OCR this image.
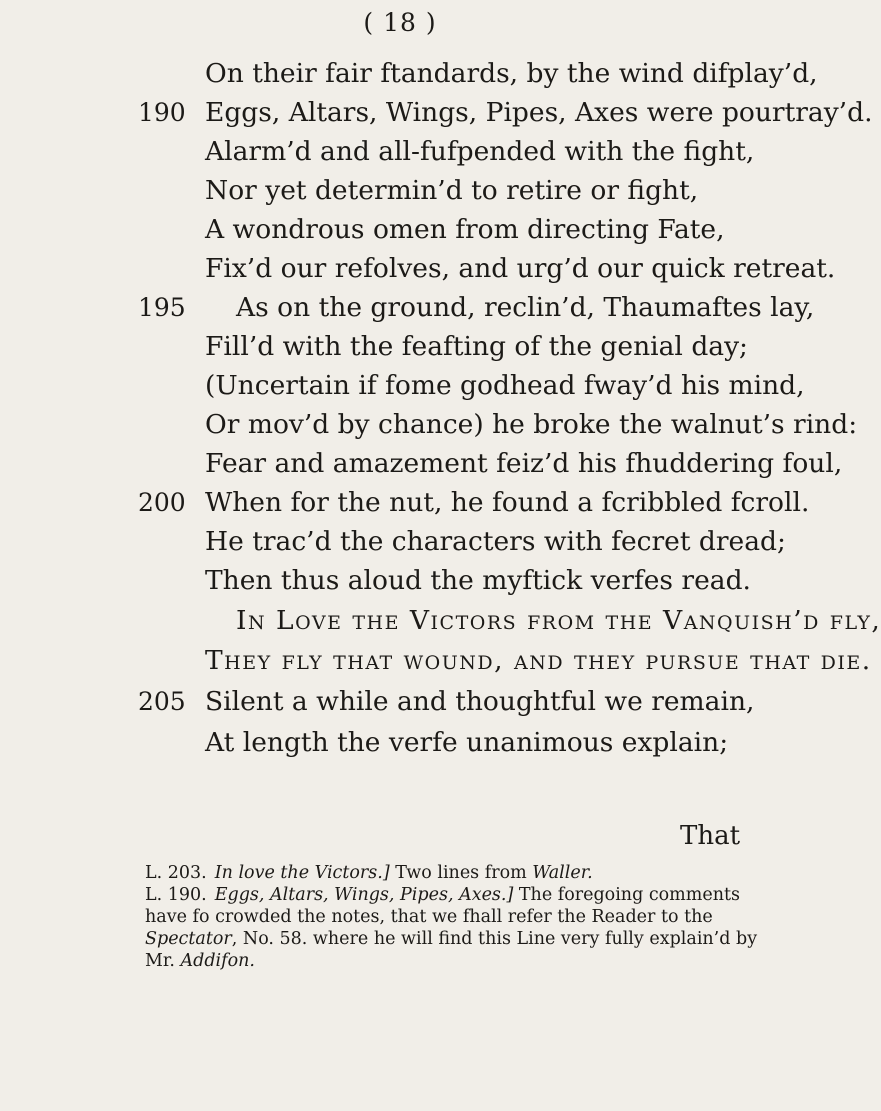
( 18 )
On their fair ftandards, by the wind difplay’d,
190 Eggs, Altars, Wings, Pipes, Axes were pourtray’d.
Alarm’d and all-fufpended with the fight,
Nor yet determin’d to retire or fight,
A wondrous omen from directing Fate,
Fix’d our refolves, and urg’d our quick retreat.
195 As on the ground, reclin’d, Thaumaftes lay,
Fill’d with the feafting of the genial day;
(Uncertain if fome godhead fway’d his mind,
Or mov’d by chance) he broke the walnut’s rind:
Fear and amazement feiz’d his fhuddering foul,
200 When for the nut, he found a fcribbled fcroll.
He trac’d the characters with fecret dread;
Then thus aloud the myftick verfes read.
In Love the Victors from the Vanquish’d fly,
They fly that wound, and they pursue that die.
205 Silent a while and thoughtful we remain,
At length the verfe unanimous explain;
That
L. 203. In love the Victors.] Two lines from Waller.
L. 190. Eggs, Altars, Wings, Pipes, Axes.] The foregoing comments have fo crowded the notes, that we fhall refer the Reader to the Spectator, No. 58. where he will find this Line very fully explain’d by Mr. Addifon.
